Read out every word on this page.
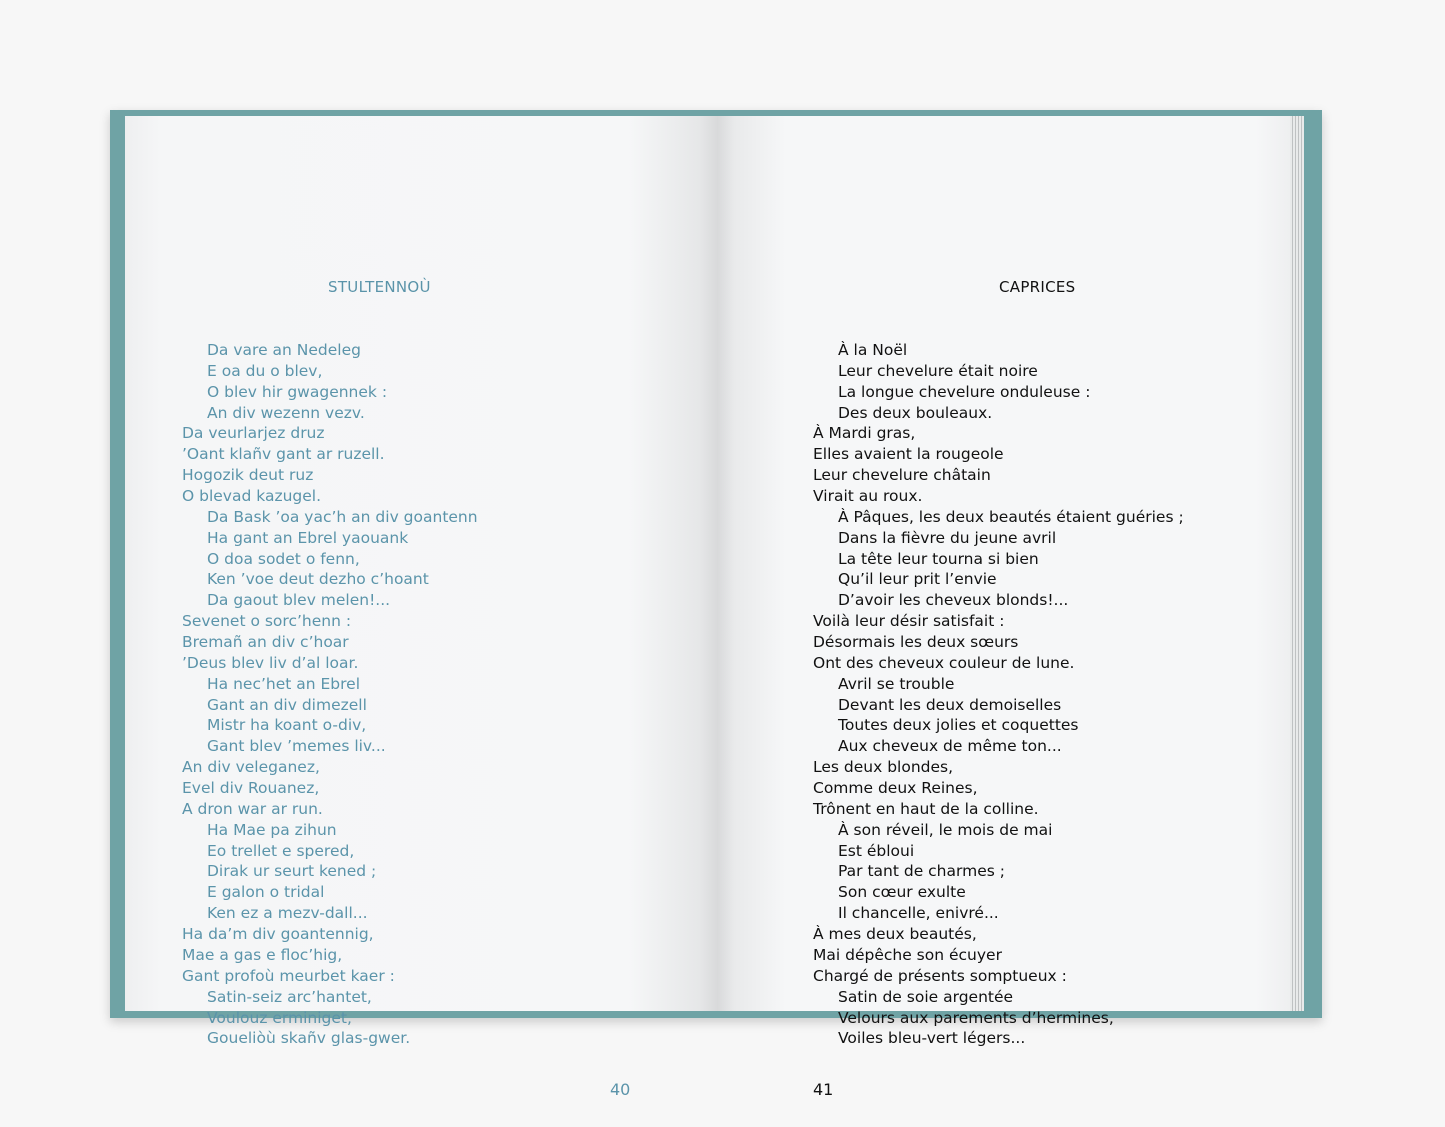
STULTENNOÙ
Da vare an Nedeleg
E oa du o blev,
O blev hir gwagennek :
An div wezenn vezv.
Da veurlarjez druz
ʼOant klañv gant ar ruzell.
Hogozik deut ruz
O blevad kazugel.
Da Bask ʼoa yacʼh an div goantenn
Ha gant an Ebrel yaouank
O doa sodet o fenn,
Ken ʼvoe deut dezho cʼhoant
Da gaout blev melen!...
Sevenet o sorcʼhenn :
Bremañ an div cʼhoar
ʼDeus blev liv dʼal loar.
Ha necʼhet an Ebrel
Gant an div dimezell
Mistr ha koant o-div,
Gant blev ʼmemes liv...
An div veleganez,
Evel div Rouanez,
A dron war ar run.
Ha Mae pa zihun
Eo trellet e spered,
Dirak ur seurt kened ;
E galon o tridal
Ken ez a mezv-dall...
Ha daʼm div goantennig,
Mae a gas e flocʼhig,
Gant profoù meurbet kaer :
Satin-seiz arcʼhantet,
Voulouz erminiget,
Goueliòù skañv glas-gwer.
40
CAPRICES
À la Noël
Leur chevelure était noire
La longue chevelure onduleuse :
Des deux bouleaux.
À Mardi gras,
Elles avaient la rougeole
Leur chevelure châtain
Virait au roux.
À Pâques, les deux beautés étaient guéries ;
Dans la fièvre du jeune avril
La tête leur tourna si bien
Qu’il leur prit l’envie
D’avoir les cheveux blonds!...
Voilà leur désir satisfait :
Désormais les deux sœurs
Ont des cheveux couleur de lune.
Avril se trouble
Devant les deux demoiselles
Toutes deux jolies et coquettes
Aux cheveux de même ton...
Les deux blondes,
Comme deux Reines,
Trônent en haut de la colline.
À son réveil, le mois de mai
Est ébloui
Par tant de charmes ;
Son cœur exulte
Il chancelle, enivré...
À mes deux beautés,
Mai dépêche son écuyer
Chargé de présents somptueux :
Satin de soie argentée
Velours aux parements d’hermines,
Voiles bleu-vert légers...
41
